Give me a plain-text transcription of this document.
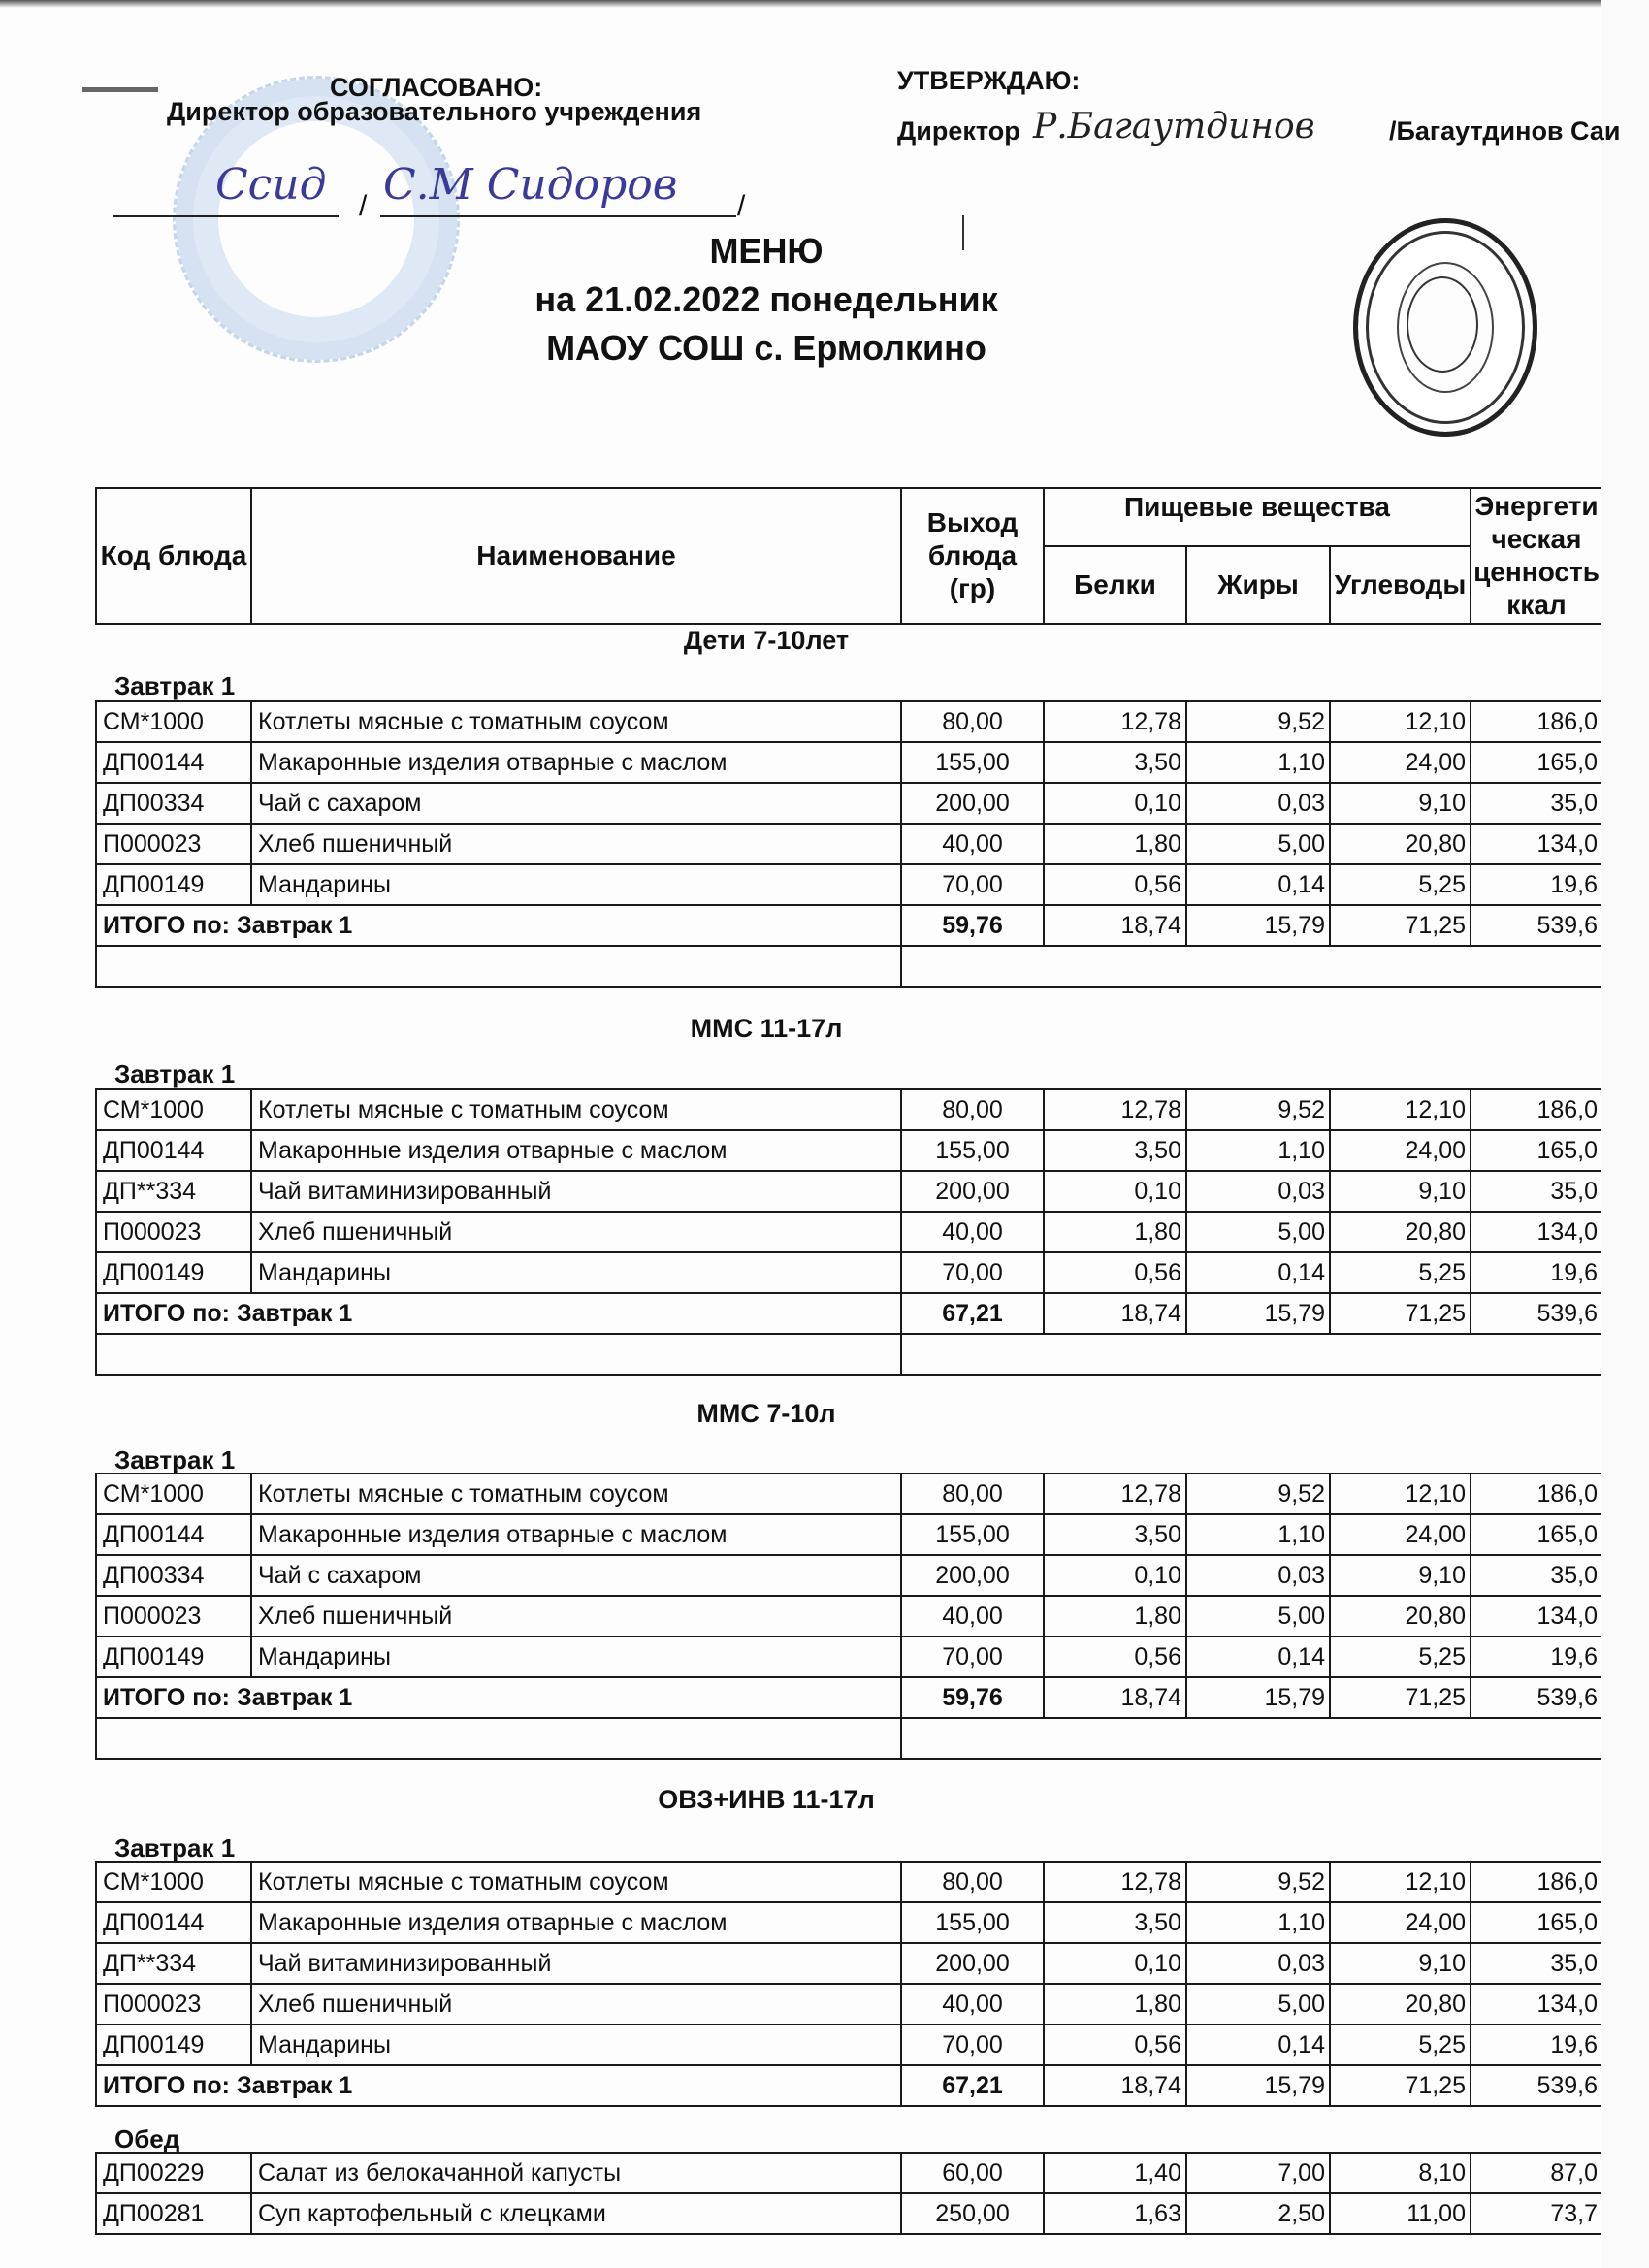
СОГЛАСОВАНО:
Директор образовательного учреждения
Ссид / С.М Сидоров /
УТВЕРЖДАЮ:
Директор Р.Багаутдинов	/Багаутдинов Саи
МЕНЮ
на 21.02.2022 понедельник
МАОУ СОШ с. Ермолкино
Код блюда	Наименование	Выход блюда (гр)	Пищевые вещества			Энергети ческая ценность ккал
			Белки	Жиры	Углеводы	
Дети 7-10лет
Завтрак 1
СМ*1000	Котлеты мясные с томатным соусом	80,00	12,78	9,52	12,10	186,0
ДП00144	Макаронные изделия отварные с маслом	155,00	3,50	1,10	24,00	165,0
ДП00334	Чай с сахаром	200,00	0,10	0,03	9,10	35,0
П000023	Хлеб пшеничный	40,00	1,80	5,00	20,80	134,0
ДП00149	Мандарины	70,00	0,56	0,14	5,25	19,6
ИТОГО по: Завтрак 1		59,76	18,74	15,79	71,25	539,6

ММС 11-17л
Завтрак 1
СМ*1000	Котлеты мясные с томатным соусом	80,00	12,78	9,52	12,10	186,0
ДП00144	Макаронные изделия отварные с маслом	155,00	3,50	1,10	24,00	165,0
ДП**334	Чай витаминизированный	200,00	0,10	0,03	9,10	35,0
П000023	Хлеб пшеничный	40,00	1,80	5,00	20,80	134,0
ДП00149	Мандарины	70,00	0,56	0,14	5,25	19,6
ИТОГО по: Завтрак 1		67,21	18,74	15,79	71,25	539,6

ММС 7-10л
Завтрак 1
СМ*1000	Котлеты мясные с томатным соусом	80,00	12,78	9,52	12,10	186,0
ДП00144	Макаронные изделия отварные с маслом	155,00	3,50	1,10	24,00	165,0
ДП00334	Чай с сахаром	200,00	0,10	0,03	9,10	35,0
П000023	Хлеб пшеничный	40,00	1,80	5,00	20,80	134,0
ДП00149	Мандарины	70,00	0,56	0,14	5,25	19,6
ИТОГО по: Завтрак 1		59,76	18,74	15,79	71,25	539,6

ОВЗ+ИНВ 11-17л
Завтрак 1
СМ*1000	Котлеты мясные с томатным соусом	80,00	12,78	9,52	12,10	186,0
ДП00144	Макаронные изделия отварные с маслом	155,00	3,50	1,10	24,00	165,0
ДП**334	Чай витаминизированный	200,00	0,10	0,03	9,10	35,0
П000023	Хлеб пшеничный	40,00	1,80	5,00	20,80	134,0
ДП00149	Мандарины	70,00	0,56	0,14	5,25	19,6
ИТОГО по: Завтрак 1		67,21	18,74	15,79	71,25	539,6
Обед
ДП00229	Салат из белокачанной капусты	60,00	1,40	7,00	8,10	87,0
ДП00281	Суп картофельный с клецками	250,00	1,63	2,50	11,00	73,7
